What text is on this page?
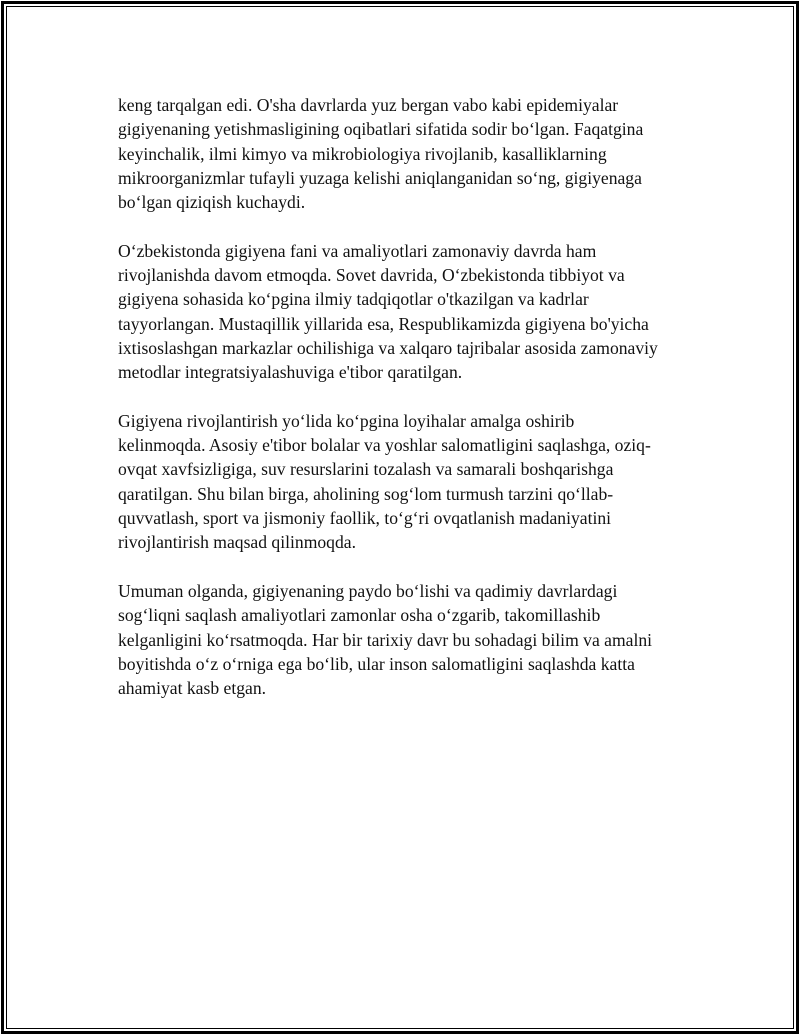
keng tarqalgan edi. O'sha davrlarda yuz bergan vabo kabi epidemiyalar
gigiyenaning yetishmasligining oqibatlari sifatida sodir bo‘lgan. Faqatgina
keyinchalik, ilmi kimyo va mikrobiologiya rivojlanib, kasalliklarning
mikroorganizmlar tufayli yuzaga kelishi aniqlanganidan so‘ng, gigiyenaga
bo‘lgan qiziqish kuchaydi.

O‘zbekistonda gigiyena fani va amaliyotlari zamonaviy davrda ham
rivojlanishda davom etmoqda. Sovet davrida, O‘zbekistonda tibbiyot va
gigiyena sohasida ko‘pgina ilmiy tadqiqotlar o'tkazilgan va kadrlar
tayyorlangan. Mustaqillik yillarida esa, Respublikamizda gigiyena bo'yicha
ixtisoslashgan markazlar ochilishiga va xalqaro tajribalar asosida zamonaviy
metodlar integratsiyalashuviga e'tibor qaratilgan.

Gigiyena rivojlantirish yo‘lida ko‘pgina loyihalar amalga oshirib
kelinmoqda. Asosiy e'tibor bolalar va yoshlar salomatligini saqlashga, oziq-
ovqat xavfsizligiga, suv resurslarini tozalash va samarali boshqarishga
qaratilgan. Shu bilan birga, aholining sog‘lom turmush tarzini qo‘llab-
quvvatlash, sport va jismoniy faollik, to‘g‘ri ovqatlanish madaniyatini
rivojlantirish maqsad qilinmoqda.

Umuman olganda, gigiyenaning paydo bo‘lishi va qadimiy davrlardagi
sog‘liqni saqlash amaliyotlari zamonlar osha o‘zgarib, takomillashib
kelganligini ko‘rsatmoqda. Har bir tarixiy davr bu sohadagi bilim va amalni
boyitishda o‘z o‘rniga ega bo‘lib, ular inson salomatligini saqlashda katta
ahamiyat kasb etgan.
